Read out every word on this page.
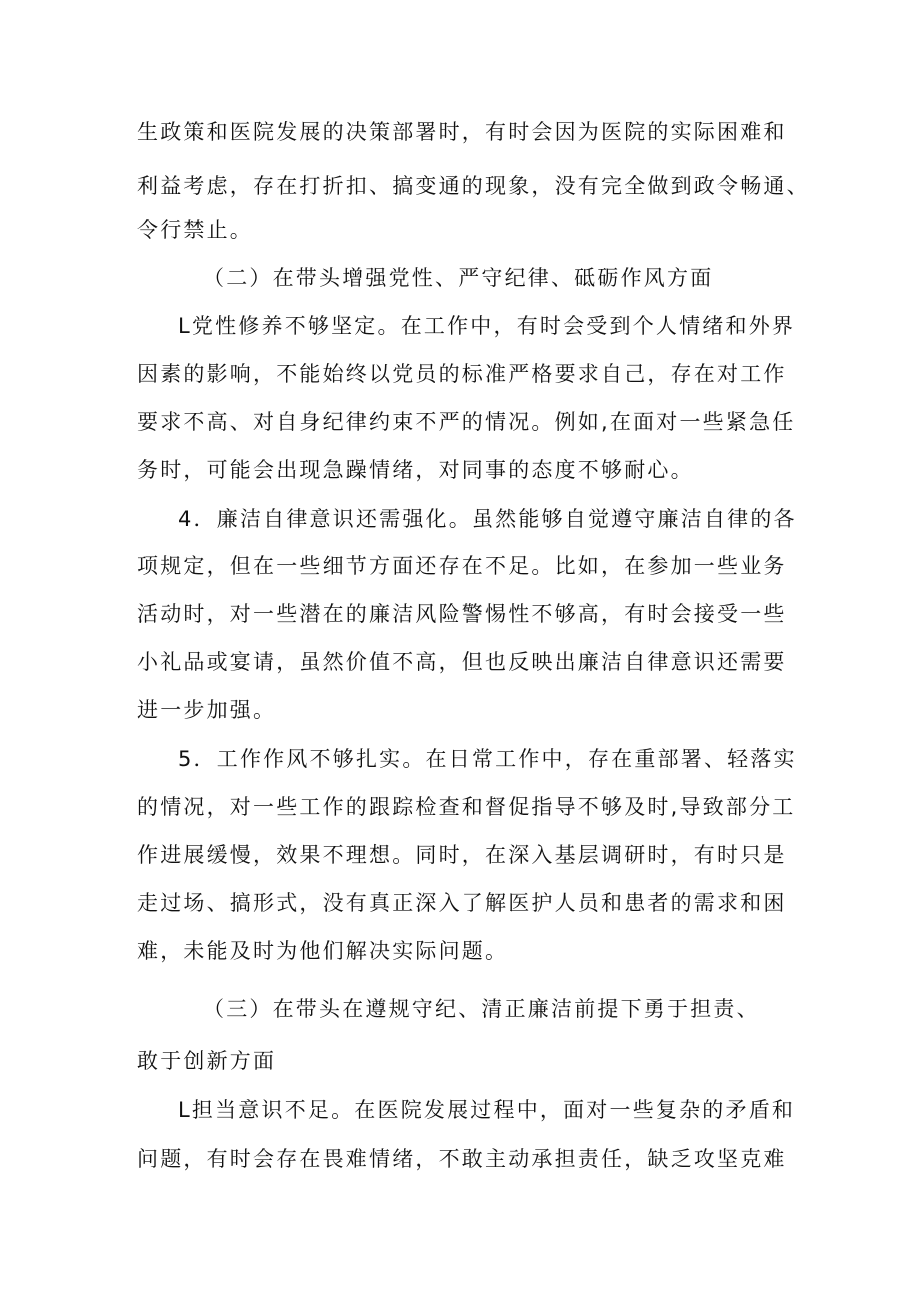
生政策和医院发展的决策部署时，有时会因为医院的实际困难和
利益考虑，存在打折扣、搞变通的现象，没有完全做到政令畅通、
令行禁止。
（二）在带头增强党性、严守纪律、砥砺作风方面
L党性修养不够坚定。在工作中，有时会受到个人情绪和外界
因素的影响，不能始终以党员的标准严格要求自己，存在对工作
要求不高、对自身纪律约束不严的情况。例如,在面对一些紧急任
务时，可能会出现急躁情绪，对同事的态度不够耐心。
4．廉洁自律意识还需强化。虽然能够自觉遵守廉洁自律的各
项规定，但在一些细节方面还存在不足。比如，在参加一些业务
活动时，对一些潜在的廉洁风险警惕性不够高，有时会接受一些
小礼品或宴请，虽然价值不高，但也反映出廉洁自律意识还需要
进一步加强。
5．工作作风不够扎实。在日常工作中，存在重部署、轻落实
的情况，对一些工作的跟踪检查和督促指导不够及时,导致部分工
作进展缓慢，效果不理想。同时，在深入基层调研时，有时只是
走过场、搞形式，没有真正深入了解医护人员和患者的需求和困
难，未能及时为他们解决实际问题。
（三）在带头在遵规守纪、清正廉洁前提下勇于担责、
敢于创新方面
L担当意识不足。在医院发展过程中，面对一些复杂的矛盾和
问题，有时会存在畏难情绪，不敢主动承担责任，缺乏攻坚克难
